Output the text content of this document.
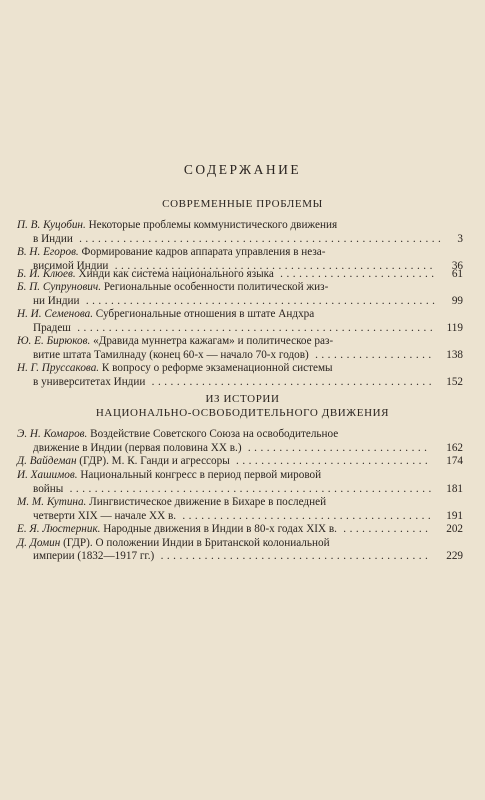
СОДЕРЖАНИЕ
СОВРЕМЕННЫЕ ПРОБЛЕМЫ
П. В. Куцобин. Некоторые проблемы коммунистического движения
в Индии .......................................................... 3
В. Н. Егоров. Формирование кадров аппарата управления в неза-
висимой Индии ................................................... 36
Б. И. Клюев. Хинди как система национального языка ......................... 61
Б. П. Супрунович. Региональные особенности политической жиз-
ни Индии ........................................................ 99
Н. И. Семенова. Субрегиональные отношения в штате Андхра
Прадеш ......................................................... 119
Ю. Е. Бирюков. «Дравида муннетра кажагам» и политическое раз-
витие штата Тамилнаду (конец 60-х — начало 70-х годов) ................... 138
Н. Г. Пруссакова. К вопросу о реформе экзаменационной системы
в университетах Индии ............................................. 152
ИЗ ИСТОРИИ
НАЦИОНАЛЬНО-ОСВОБОДИТЕЛЬНОГО ДВИЖЕНИЯ
Э. Н. Комаров. Воздействие Советского Союза на освободительное
движение в Индии (первая половина XX в.) ............................. 162
Д. Вайдеман (ГДР). М. К. Ганди и агрессоры ............................... 174
И. Хашимов. Национальный конгресс в период первой мировой
войны .......................................................... 181
М. М. Кутина. Лингвистическое движение в Бихаре в последней
четверти XIX — начале XX в. ........................................ 191
Е. Я. Люстерник. Народные движения в Индии в 80-х годах XIX в. .............. 202
Д. Домин (ГДР). О положении Индии в Британской колониальной
империи (1832—1917 гг.) ........................................... 229
